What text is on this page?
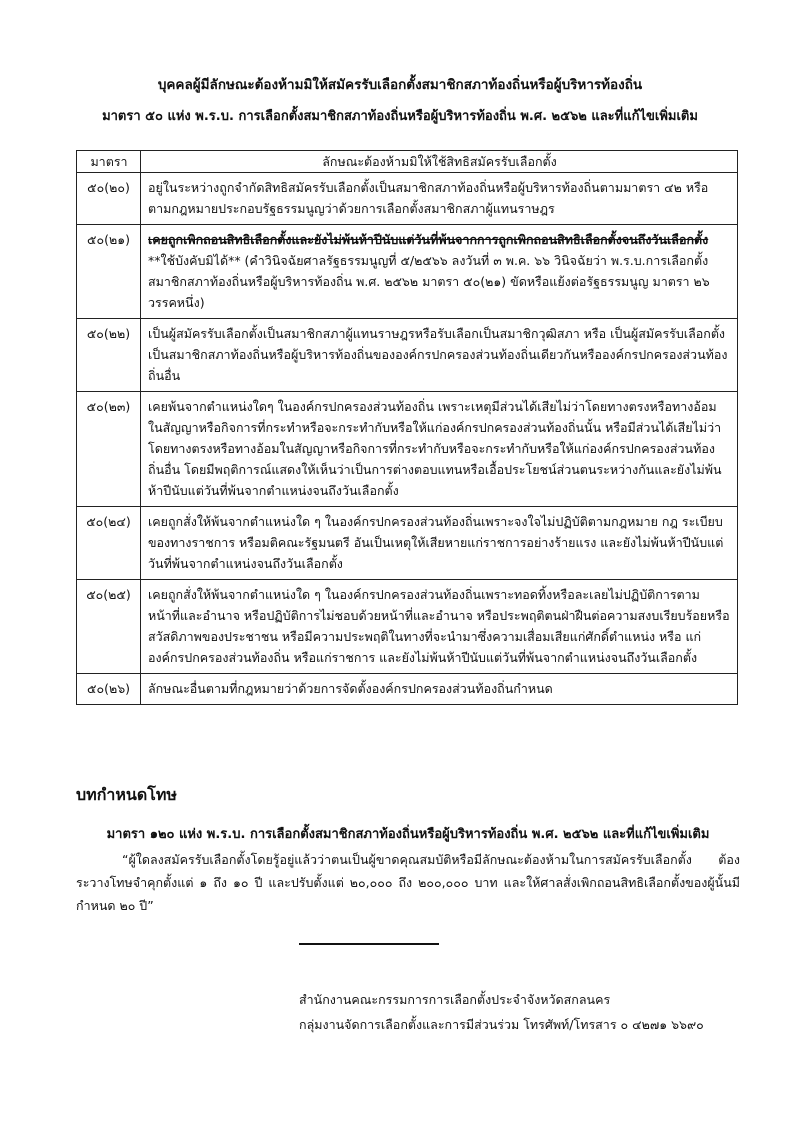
บุคคลผู้มีลักษณะต้องห้ามมิให้สมัครรับเลือกตั้งสมาชิกสภาท้องถิ่นหรือผู้บริหารท้องถิ่น
มาตรา ๕๐ แห่ง พ.ร.บ. การเลือกตั้งสมาชิกสภาท้องถิ่นหรือผู้บริหารท้องถิ่น พ.ศ. ๒๕๖๒ และที่แก้ไขเพิ่มเติม
มาตรา	ลักษณะต้องห้ามมิให้ใช้สิทธิสมัครรับเลือกตั้ง
๕๐(๒๐)	อยู่ในระหว่างถูกจำกัดสิทธิสมัครรับเลือกตั้งเป็นสมาชิกสภาท้องถิ่นหรือผู้บริหารท้องถิ่นตามมาตรา ๔๒ หรือตามกฎหมายประกอบรัฐธรรมนูญว่าด้วยการเลือกตั้งสมาชิกสภาผู้แทนราษฎร
๕๐(๒๑)	เคยถูกเพิกถอนสิทธิเลือกตั้งและยังไม่พ้นห้าปีนับแต่วันที่พ้นจากการถูกเพิกถอนสิทธิเลือกตั้งจนถึงวันเลือกตั้ง **ใช้บังคับมิได้** (คำวินิจฉัยศาลรัฐธรรมนูญที่ ๕/๒๕๖๖ ลงวันที่ ๓ พ.ค. ๖๖ วินิจฉัยว่า พ.ร.บ.การเลือกตั้งสมาชิกสภาท้องถิ่นหรือผู้บริหารท้องถิ่น พ.ศ. ๒๕๖๒ มาตรา ๕๐(๒๑) ขัดหรือแย้งต่อรัฐธรรมนูญ มาตรา ๒๖ วรรคหนึ่ง)
๕๐(๒๒)	เป็นผู้สมัครรับเลือกตั้งเป็นสมาชิกสภาผู้แทนราษฎรหรือรับเลือกเป็นสมาชิกวุฒิสภา หรือ เป็นผู้สมัครรับเลือกตั้งเป็นสมาชิกสภาท้องถิ่นหรือผู้บริหารท้องถิ่นขององค์กรปกครองส่วนท้องถิ่นเดียวกันหรือองค์กรปกครองส่วนท้องถิ่นอื่น
๕๐(๒๓)	เคยพ้นจากตำแหน่งใดๆ ในองค์กรปกครองส่วนท้องถิ่น เพราะเหตุมีส่วนได้เสียไม่ว่าโดยทางตรงหรือทางอ้อมในสัญญาหรือกิจการที่กระทำหรือจะกระทำกับหรือให้แก่องค์กรปกครองส่วนท้องถิ่นนั้น หรือมีส่วนได้เสียไม่ว่าโดยทางตรงหรือทางอ้อมในสัญญาหรือกิจการที่กระทำกับหรือจะกระทำกับหรือให้แก่องค์กรปกครองส่วนท้องถิ่นอื่น โดยมีพฤติการณ์แสดงให้เห็นว่าเป็นการต่างตอบแทนหรือเอื้อประโยชน์ส่วนตนระหว่างกันและยังไม่พ้นห้าปีนับแต่วันที่พ้นจากตำแหน่งจนถึงวันเลือกตั้ง
๕๐(๒๔)	เคยถูกสั่งให้พ้นจากตำแหน่งใด ๆ ในองค์กรปกครองส่วนท้องถิ่นเพราะจงใจไม่ปฏิบัติตามกฎหมาย กฎ ระเบียบของทางราชการ หรือมติคณะรัฐมนตรี อันเป็นเหตุให้เสียหายแก่ราชการอย่างร้ายแรง และยังไม่พ้นห้าปีนับแต่วันที่พ้นจากตำแหน่งจนถึงวันเลือกตั้ง
๕๐(๒๕)	เคยถูกสั่งให้พ้นจากตำแหน่งใด ๆ ในองค์กรปกครองส่วนท้องถิ่นเพราะทอดทิ้งหรือละเลยไม่ปฏิบัติการตามหน้าที่และอำนาจ หรือปฏิบัติการไม่ชอบด้วยหน้าที่และอำนาจ หรือประพฤติตนฝ่าฝืนต่อความสงบเรียบร้อยหรือสวัสดิภาพของประชาชน หรือมีความประพฤติในทางที่จะนำมาซึ่งความเสื่อมเสียแก่ศักดิ์ตำแหน่ง หรือ แก่องค์กรปกครองส่วนท้องถิ่น หรือแก่ราชการ และยังไม่พ้นห้าปีนับแต่วันที่พ้นจากตำแหน่งจนถึงวันเลือกตั้ง
๕๐(๒๖)	ลักษณะอื่นตามที่กฎหมายว่าด้วยการจัดตั้งองค์กรปกครองส่วนท้องถิ่นกำหนด
บทกำหนดโทษ
มาตรา ๑๒๐ แห่ง พ.ร.บ. การเลือกตั้งสมาชิกสภาท้องถิ่นหรือผู้บริหารท้องถิ่น พ.ศ. ๒๕๖๒ และที่แก้ไขเพิ่มเติม
“ผู้ใดลงสมัครรับเลือกตั้งโดยรู้อยู่แล้วว่าตนเป็นผู้ขาดคุณสมบัติหรือมีลักษณะต้องห้ามในการสมัครรับเลือกตั้ง ต้องระวางโทษจำคุกตั้งแต่ ๑ ถึง ๑๐ ปี และปรับตั้งแต่ ๒๐,๐๐๐ ถึง ๒๐๐,๐๐๐ บาท และให้ศาลสั่งเพิกถอนสิทธิเลือกตั้งของผู้นั้นมีกำหนด ๒๐ ปี”
สำนักงานคณะกรรมการการเลือกตั้งประจำจังหวัดสกลนคร
กลุ่มงานจัดการเลือกตั้งและการมีส่วนร่วม โทรศัพท์/โทรสาร ๐ ๔๒๗๑ ๖๖๙๐
